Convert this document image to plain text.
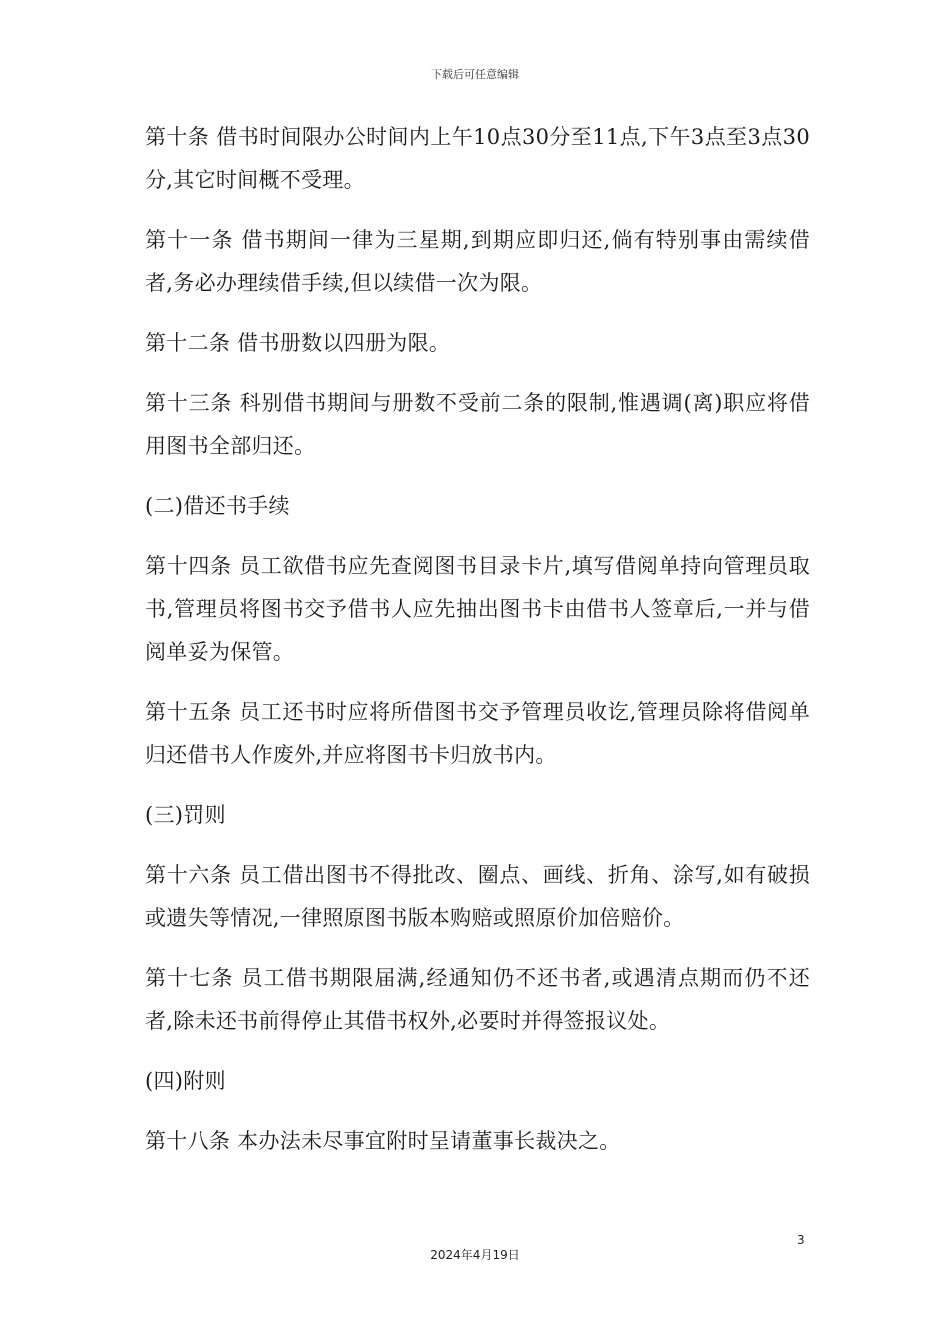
下载后可任意编辑

第十条 借书时间限办公时间内上午10点30分至11点,下午3点至3点30分,其它时间概不受理。

第十一条 借书期间一律为三星期,到期应即归还,倘有特别事由需续借者,务必办理续借手续,但以续借一次为限。

第十二条 借书册数以四册为限。

第十三条 科别借书期间与册数不受前二条的限制,惟遇调(离)职应将借用图书全部归还。

(二)借还书手续

第十四条 员工欲借书应先查阅图书目录卡片,填写借阅单持向管理员取书,管理员将图书交予借书人应先抽出图书卡由借书人签章后,一并与借阅单妥为保管。

第十五条 员工还书时应将所借图书交予管理员收讫,管理员除将借阅单归还借书人作废外,并应将图书卡归放书内。

(三)罚则

第十六条 员工借出图书不得批改、圈点、画线、折角、涂写,如有破损或遗失等情况,一律照原图书版本购赔或照原价加倍赔价。

第十七条 员工借书期限届满,经通知仍不还书者,或遇清点期而仍不还者,除未还书前得停止其借书权外,必要时并得签报议处。

(四)附则

第十八条 本办法未尽事宜附时呈请董事长裁决之。

3
2024年4月19日
